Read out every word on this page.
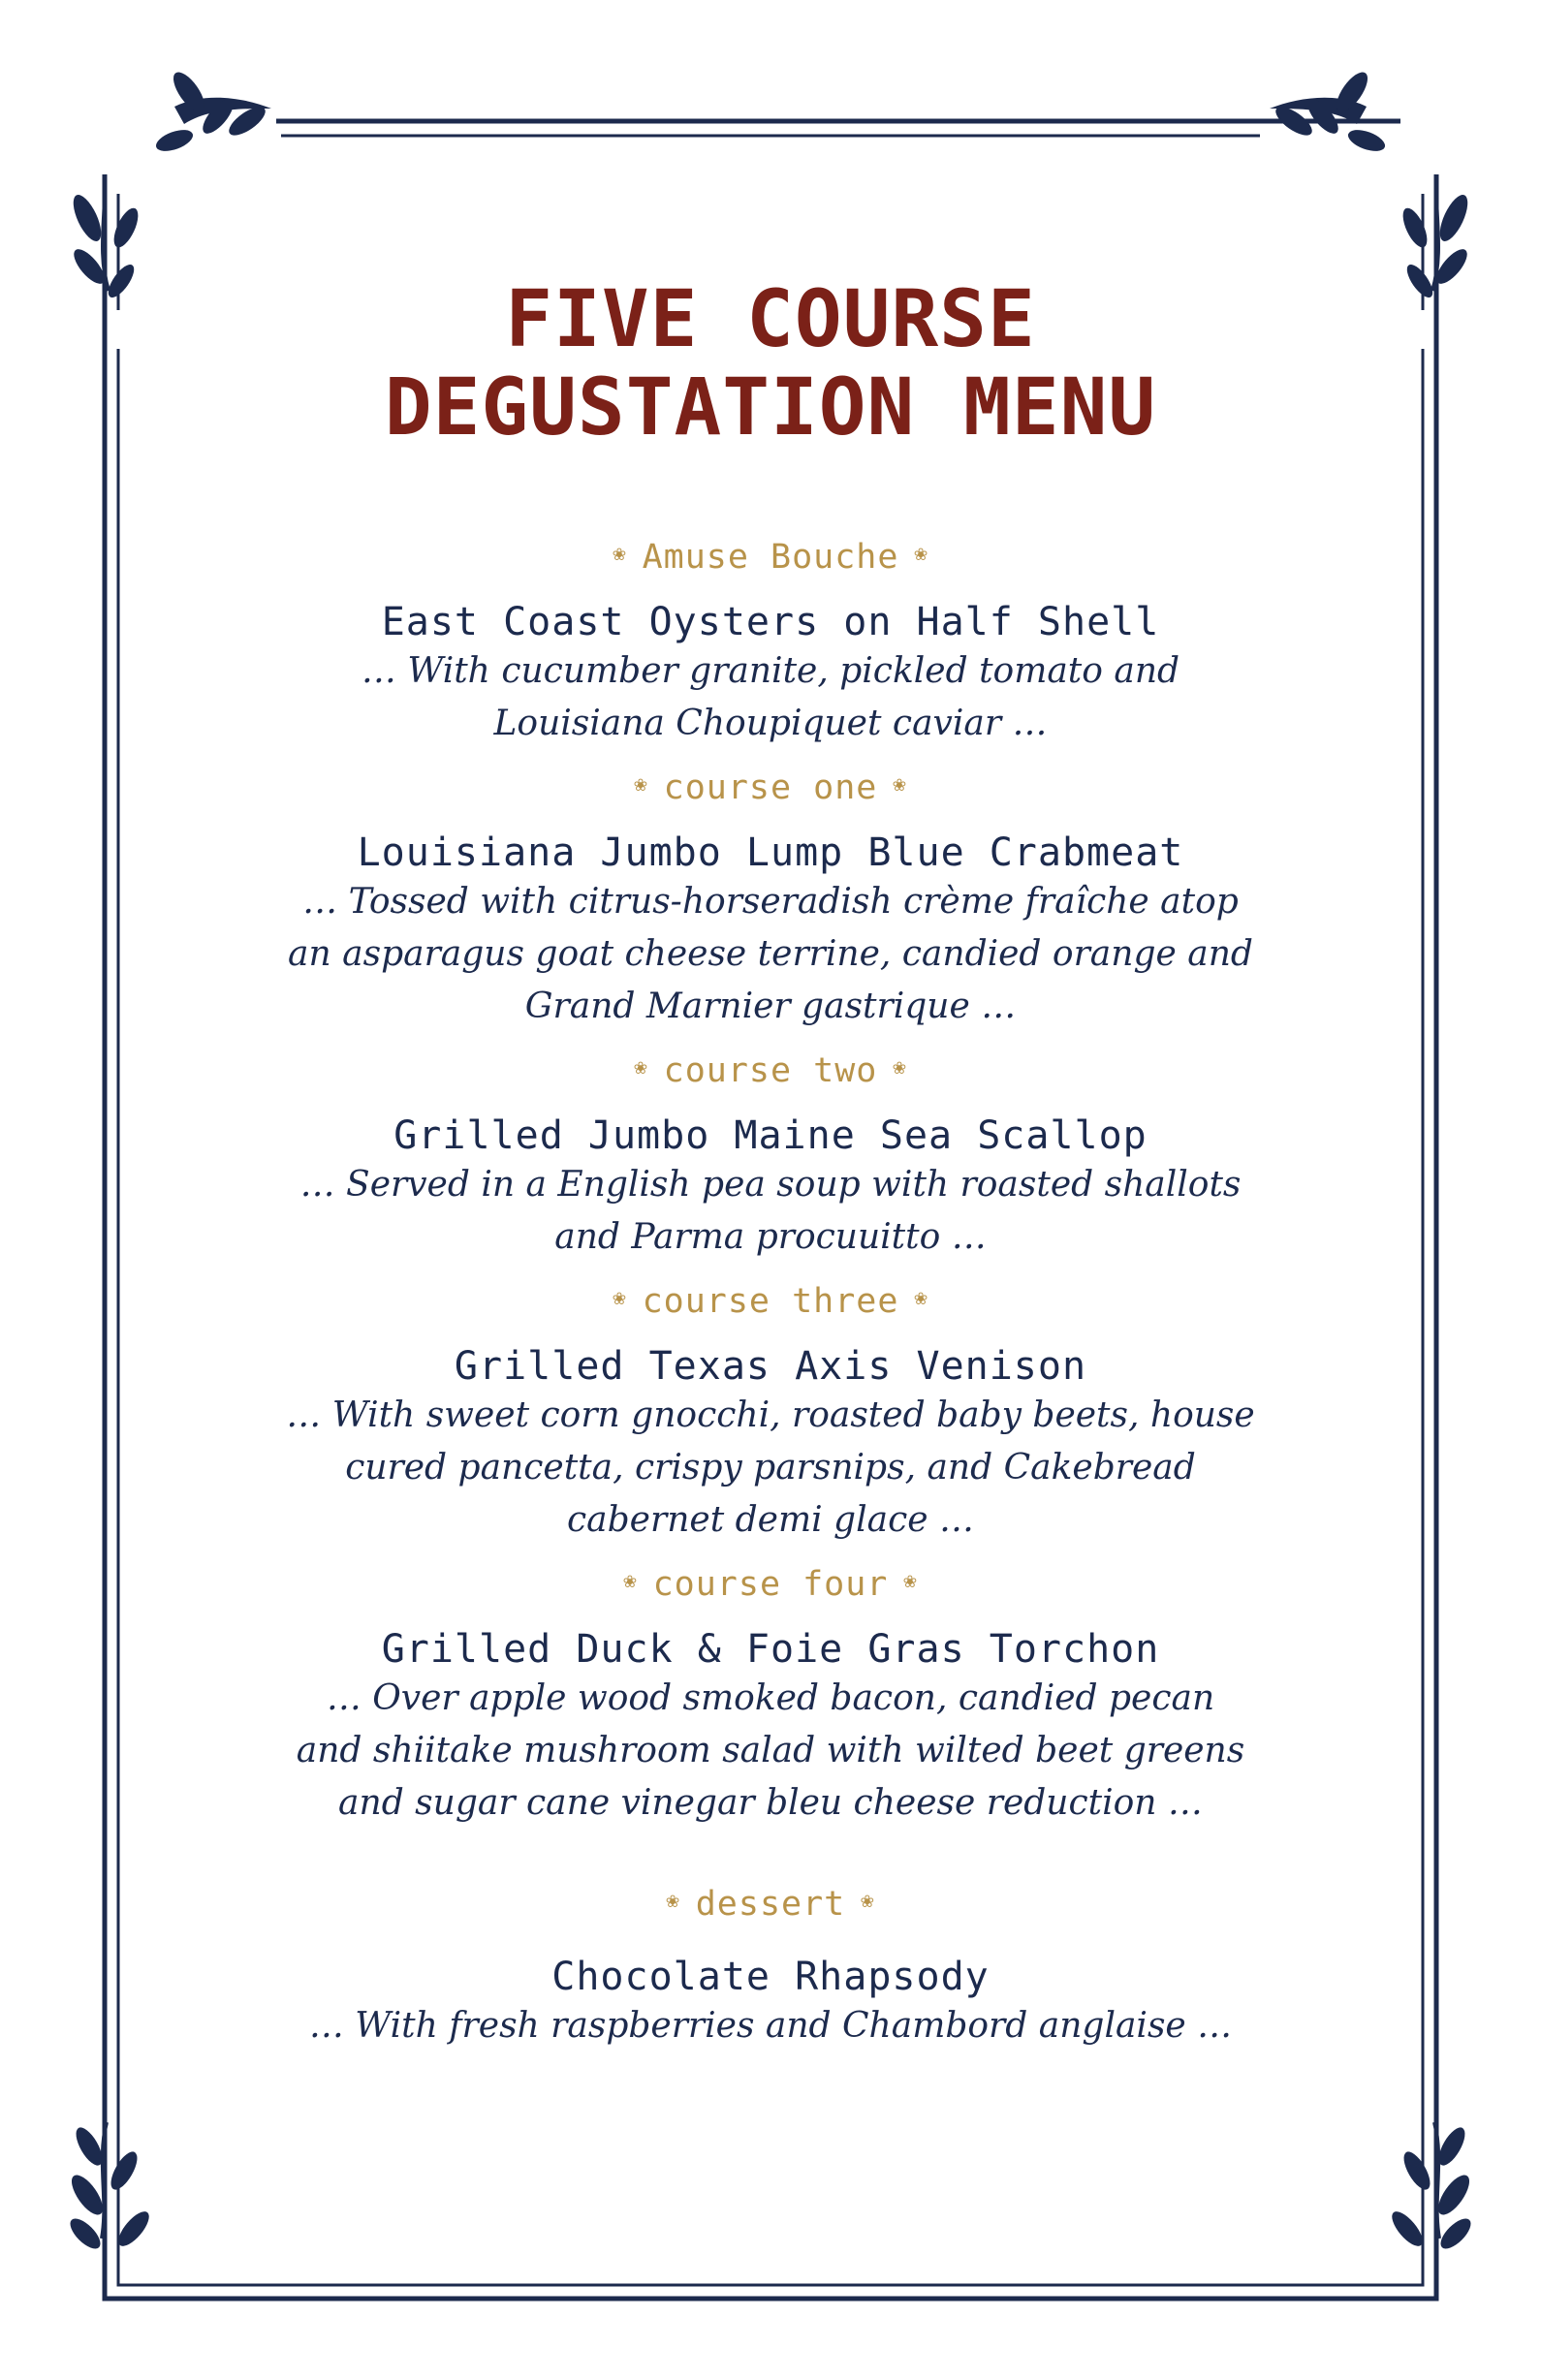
FIVE COURSE
DEGUSTATION MENU
❀ Amuse Bouche ❀
East Coast Oysters on Half Shell
… With cucumber granite, pickled tomato and
Louisiana Choupiquet caviar …
❀ course one ❀
Louisiana Jumbo Lump Blue Crabmeat
… Tossed with citrus-horseradish crème fraîche atop
an asparagus goat cheese terrine, candied orange and
Grand Marnier gastrique …
❀ course two ❀
Grilled Jumbo Maine Sea Scallop
… Served in a English pea soup with roasted shallots
and Parma procuuitto …
❀ course three ❀
Grilled Texas Axis Venison
… With sweet corn gnocchi, roasted baby beets, house
cured pancetta, crispy parsnips, and Cakebread
cabernet demi glace …
❀ course four ❀
Grilled Duck & Foie Gras Torchon
… Over apple wood smoked bacon, candied pecan
and shiitake mushroom salad with wilted beet greens
and sugar cane vinegar bleu cheese reduction …
❀ dessert ❀
Chocolate Rhapsody
… With fresh raspberries and Chambord anglaise …
